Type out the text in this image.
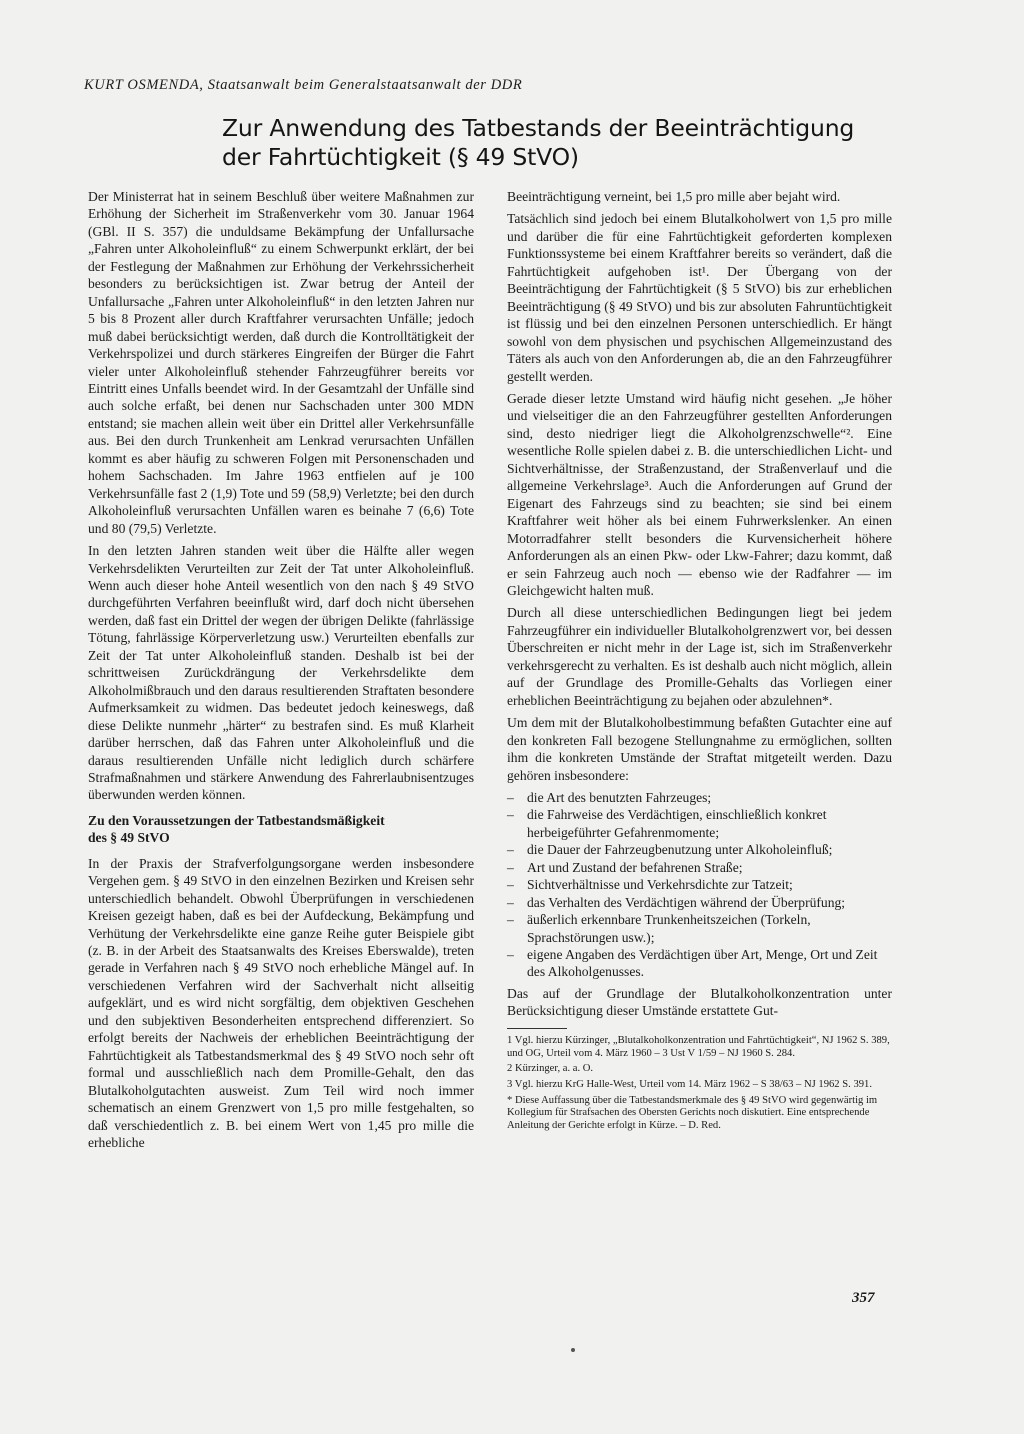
KURT OSMENDA, Staatsanwalt beim Generalstaatsanwalt der DDR
Zur Anwendung des Tatbestands der Beeinträchtigung
der Fahrtüchtigkeit (§ 49 StVO)

Der Ministerrat hat in seinem Beschluß über weitere Maßnahmen zur Erhöhung der Sicherheit im Straßenverkehr vom 30. Januar 1964 (GBl. II S. 357) die unduldsame Bekämpfung der Unfallursache „Fahren unter Alkoholeinfluß“ zu einem Schwerpunkt erklärt, der bei der Festlegung der Maßnahmen zur Erhöhung der Verkehrssicherheit besonders zu berücksichtigen ist. Zwar betrug der Anteil der Unfallursache „Fahren unter Alkoholeinfluß“ in den letzten Jahren nur 5 bis 8 Prozent aller durch Kraftfahrer verursachten Unfälle; jedoch muß dabei berücksichtigt werden, daß durch die Kontrolltätigkeit der Verkehrspolizei und durch stärkeres Eingreifen der Bürger die Fahrt vieler unter Alkoholeinfluß stehender Fahrzeugführer bereits vor Eintritt eines Unfalls beendet wird. In der Gesamtzahl der Unfälle sind auch solche erfaßt, bei denen nur Sachschaden unter 300 MDN entstand; sie machen allein weit über ein Drittel aller Verkehrsunfälle aus. Bei den durch Trunkenheit am Lenkrad verursachten Unfällen kommt es aber häufig zu schweren Folgen mit Personenschaden und hohem Sachschaden. Im Jahre 1963 entfielen auf je 100 Verkehrsunfälle fast 2 (1,9) Tote und 59 (58,9) Verletzte; bei den durch Alkoholeinfluß verursachten Unfällen waren es beinahe 7 (6,6) Tote und 80 (79,5) Verletzte.

In den letzten Jahren standen weit über die Hälfte aller wegen Verkehrsdelikten Verurteilten zur Zeit der Tat unter Alkoholeinfluß. Wenn auch dieser hohe Anteil wesentlich von den nach § 49 StVO durchgeführten Verfahren beeinflußt wird, darf doch nicht übersehen werden, daß fast ein Drittel der wegen der übrigen Delikte (fahrlässige Tötung, fahrlässige Körperverletzung usw.) Verurteilten ebenfalls zur Zeit der Tat unter Alkoholeinfluß standen. Deshalb ist bei der schrittweisen Zurückdrängung der Verkehrsdelikte dem Alkoholmißbrauch und den daraus resultierenden Straftaten besondere Aufmerksamkeit zu widmen. Das bedeutet jedoch keineswegs, daß diese Delikte nunmehr „härter“ zu bestrafen sind. Es muß Klarheit darüber herrschen, daß das Fahren unter Alkoholeinfluß und die daraus resultierenden Unfälle nicht lediglich durch schärfere Strafmaßnahmen und stärkere Anwendung des Fahrerlaubnisentzuges überwunden werden können.

Zu den Voraussetzungen der Tatbestandsmäßigkeit
des § 49 StVO

In der Praxis der Strafverfolgungsorgane werden insbesondere Vergehen gem. § 49 StVO in den einzelnen Bezirken und Kreisen sehr unterschiedlich behandelt. Obwohl Überprüfungen in verschiedenen Kreisen gezeigt haben, daß es bei der Aufdeckung, Bekämpfung und Verhütung der Verkehrsdelikte eine ganze Reihe guter Beispiele gibt (z. B. in der Arbeit des Staatsanwalts des Kreises Eberswalde), treten gerade in Verfahren nach § 49 StVO noch erhebliche Mängel auf. In verschiedenen Verfahren wird der Sachverhalt nicht allseitig aufgeklärt, und es wird nicht sorgfältig, dem objektiven Geschehen und den subjektiven Besonderheiten entsprechend differenziert. So erfolgt bereits der Nachweis der erheblichen Beeinträchtigung der Fahrtüchtigkeit als Tatbestandsmerkmal des § 49 StVO noch sehr oft formal und ausschließlich nach dem Promille-Gehalt, den das Blutalkoholgutachten ausweist. Zum Teil wird noch immer schematisch an einem Grenzwert von 1,5 pro mille festgehalten, so daß verschiedentlich z. B. bei einem Wert von 1,45 pro mille die erhebliche

Beeinträchtigung verneint, bei 1,5 pro mille aber bejaht wird.

Tatsächlich sind jedoch bei einem Blutalkoholwert von 1,5 pro mille und darüber die für eine Fahrtüchtigkeit geforderten komplexen Funktionssysteme bei einem Kraftfahrer bereits so verändert, daß die Fahrtüchtigkeit aufgehoben ist¹. Der Übergang von der Beeinträchtigung der Fahrtüchtigkeit (§ 5 StVO) bis zur erheblichen Beeinträchtigung (§ 49 StVO) und bis zur absoluten Fahruntüchtigkeit ist flüssig und bei den einzelnen Personen unterschiedlich. Er hängt sowohl von dem physischen und psychischen Allgemeinzustand des Täters als auch von den Anforderungen ab, die an den Fahrzeugführer gestellt werden.

Gerade dieser letzte Umstand wird häufig nicht gesehen. „Je höher und vielseitiger die an den Fahrzeugführer gestellten Anforderungen sind, desto niedriger liegt die Alkoholgrenzschwelle“². Eine wesentliche Rolle spielen dabei z. B. die unterschiedlichen Licht- und Sichtverhältnisse, der Straßenzustand, der Straßenverlauf und die allgemeine Verkehrslage³. Auch die Anforderungen auf Grund der Eigenart des Fahrzeugs sind zu beachten; sie sind bei einem Kraftfahrer weit höher als bei einem Fuhrwerkslenker. An einen Motorradfahrer stellt besonders die Kurvensicherheit höhere Anforderungen als an einen Pkw- oder Lkw-Fahrer; dazu kommt, daß er sein Fahrzeug auch noch — ebenso wie der Radfahrer — im Gleichgewicht halten muß.

Durch all diese unterschiedlichen Bedingungen liegt bei jedem Fahrzeugführer ein individueller Blutalkoholgrenzwert vor, bei dessen Überschreiten er nicht mehr in der Lage ist, sich im Straßenverkehr verkehrsgerecht zu verhalten. Es ist deshalb auch nicht möglich, allein auf der Grundlage des Promille-Gehalts das Vorliegen einer erheblichen Beeinträchtigung zu bejahen oder abzulehnen*.

Um dem mit der Blutalkoholbestimmung befaßten Gutachter eine auf den konkreten Fall bezogene Stellungnahme zu ermöglichen, sollten ihm die konkreten Umstände der Straftat mitgeteilt werden. Dazu gehören insbesondere:

– die Art des benutzten Fahrzeuges;
– die Fahrweise des Verdächtigen, einschließlich konkret herbeigeführter Gefahrenmomente;
– die Dauer der Fahrzeugbenutzung unter Alkoholeinfluß;
– Art und Zustand der befahrenen Straße;
– Sichtverhältnisse und Verkehrsdichte zur Tatzeit;
– das Verhalten des Verdächtigen während der Überprüfung;
– äußerlich erkennbare Trunkenheitszeichen (Torkeln, Sprachstörungen usw.);
– eigene Angaben des Verdächtigen über Art, Menge, Ort und Zeit des Alkoholgenusses.

Das auf der Grundlage der Blutalkoholkonzentration unter Berücksichtigung dieser Umstände erstattete Gut-

1 Vgl. hierzu Kürzinger, „Blutalkoholkonzentration und Fahrtüchtigkeit“, NJ 1962 S. 389, und OG, Urteil vom 4. März 1960 – 3 Ust V 1/59 – NJ 1960 S. 284.

2 Kürzinger, a. a. O.

3 Vgl. hierzu KrG Halle-West, Urteil vom 14. März 1962 – S 38/63 – NJ 1962 S. 391.

* Diese Auffassung über die Tatbestandsmerkmale des § 49 StVO wird gegenwärtig im Kollegium für Strafsachen des Obersten Gerichts noch diskutiert. Eine entsprechende Anleitung der Gerichte erfolgt in Kürze. – D. Red.

357
